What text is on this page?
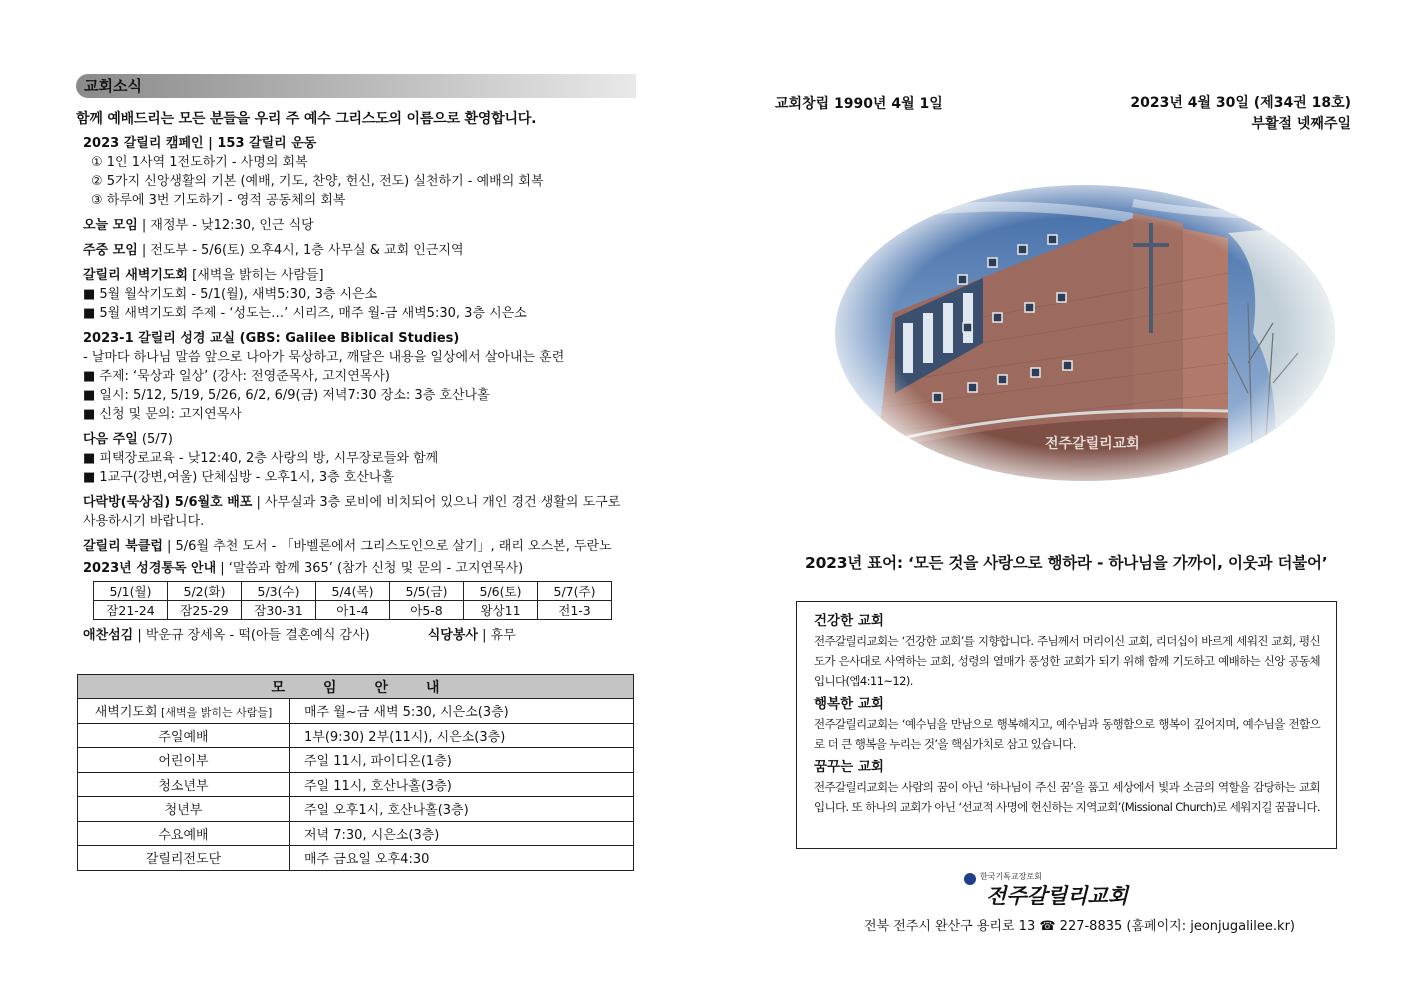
교회소식
함께 예배드리는 모든 분들을 우리 주 예수 그리스도의 이름으로 환영합니다.
2023 갈릴리 캠페인 | 153 갈릴리 운동
① 1인 1사역 1전도하기 - 사명의 회복
② 5가지 신앙생활의 기본 (예배, 기도, 찬양, 헌신, 전도) 실천하기 - 예배의 회복
③ 하루에 3번 기도하기 - 영적 공동체의 회복
오늘 모임 | 재정부 - 낮12:30, 인근 식당
주중 모임 | 전도부 - 5/6(토) 오후4시, 1층 사무실 & 교회 인근지역
갈릴리 새벽기도회 [새벽을 밝히는 사람들]
■ 5월 월삭기도회 - 5/1(월), 새벽5:30, 3층 시은소
■ 5월 새벽기도회 주제 - ‘성도는…’ 시리즈, 매주 월-금 새벽5:30, 3층 시은소
2023-1 갈릴리 성경 교실 (GBS: Galilee Biblical Studies)
- 날마다 하나님 말씀 앞으로 나아가 묵상하고, 깨달은 내용을 일상에서 살아내는 훈련
■ 주제: ‘묵상과 일상’ (강사: 전영준목사, 고지연목사)
■ 일시: 5/12, 5/19, 5/26, 6/2, 6/9(금) 저녁7:30 장소: 3층 호산나홀
■ 신청 및 문의: 고지연목사
다음 주일 (5/7)
■ 피택장로교육 - 낮12:40, 2층 사랑의 방, 시무장로들와 함께
■ 1교구(강변,여울) 단체심방 - 오후1시, 3층 호산나홀
다락방(묵상집) 5/6월호 배포 | 사무실과 3층 로비에 비치되어 있으니 개인 경건 생활의 도구로 사용하시기 바랍니다.
갈릴리 북클럽 | 5/6월 추천 도서 - 「바벨론에서 그리스도인으로 살기」, 래리 오스본, 두란노
2023년 성경통독 안내 | ‘말씀과 함께 365’ (참가 신청 및 문의 - 고지연목사)
5/1(월)	5/2(화)	5/3(수)	5/4(목)	5/5(금)	5/6(토)	5/7(주)
잠21-24	잠25-29	잠30-31	아1-4	아5-8	왕상11	전1-3
애찬섬김 | 박운규 장세옥 - 떡(아들 결혼예식 감사)	식당봉사 | 휴무
모임안내	
새벽기도회 [새벽을 밝히는 사람들]	매주 월~금 새벽 5:30, 시은소(3층)
주일예배	1부(9:30) 2부(11시), 시은소(3층)
어린이부	주일 11시, 파이디온(1층)
청소년부	주일 11시, 호산나홀(3층)
청년부	주일 오후1시, 호산나홀(3층)
수요예배	저녁 7:30, 시은소(3층)
갈릴리전도단	매주 금요일 오후4:30
교회창립 1990년 4월 1일	2023년 4월 30일 (제34권 18호)
부활절 넷째주일
2023년 표어: ‘모든 것을 사랑으로 행하라 - 하나님을 가까이, 이웃과 더불어’
건강한 교회
전주갈릴리교회는 ‘건강한 교회’를 지향합니다. 주님께서 머리이신 교회, 리더십이 바르게 세워진 교회, 평신도가 은사대로 사역하는 교회, 성령의 열매가 풍성한 교회가 되기 위해 함께 기도하고 예배하는 신앙 공동체입니다(엡4:11~12).
행복한 교회
전주갈릴리교회는 ‘예수님을 만남으로 행복해지고, 예수님과 동행함으로 행복이 깊어지며, 예수님을 전함으로 더 큰 행복을 누리는 것’을 핵심가치로 삼고 있습니다.
꿈꾸는 교회
전주갈릴리교회는 사람의 꿈이 아닌 ‘하나님이 주신 꿈’을 품고 세상에서 빛과 소금의 역할을 감당하는 교회입니다. 또 하나의 교회가 아닌 ‘선교적 사명에 헌신하는 지역교회’(Missional Church)로 세워지길 꿈꿉니다.
한국기독교장로회
전주갈릴리교회
전북 전주시 완산구 용리로 13 ☎ 227-8835 (홈페이지: jeonjugalilee.kr)
